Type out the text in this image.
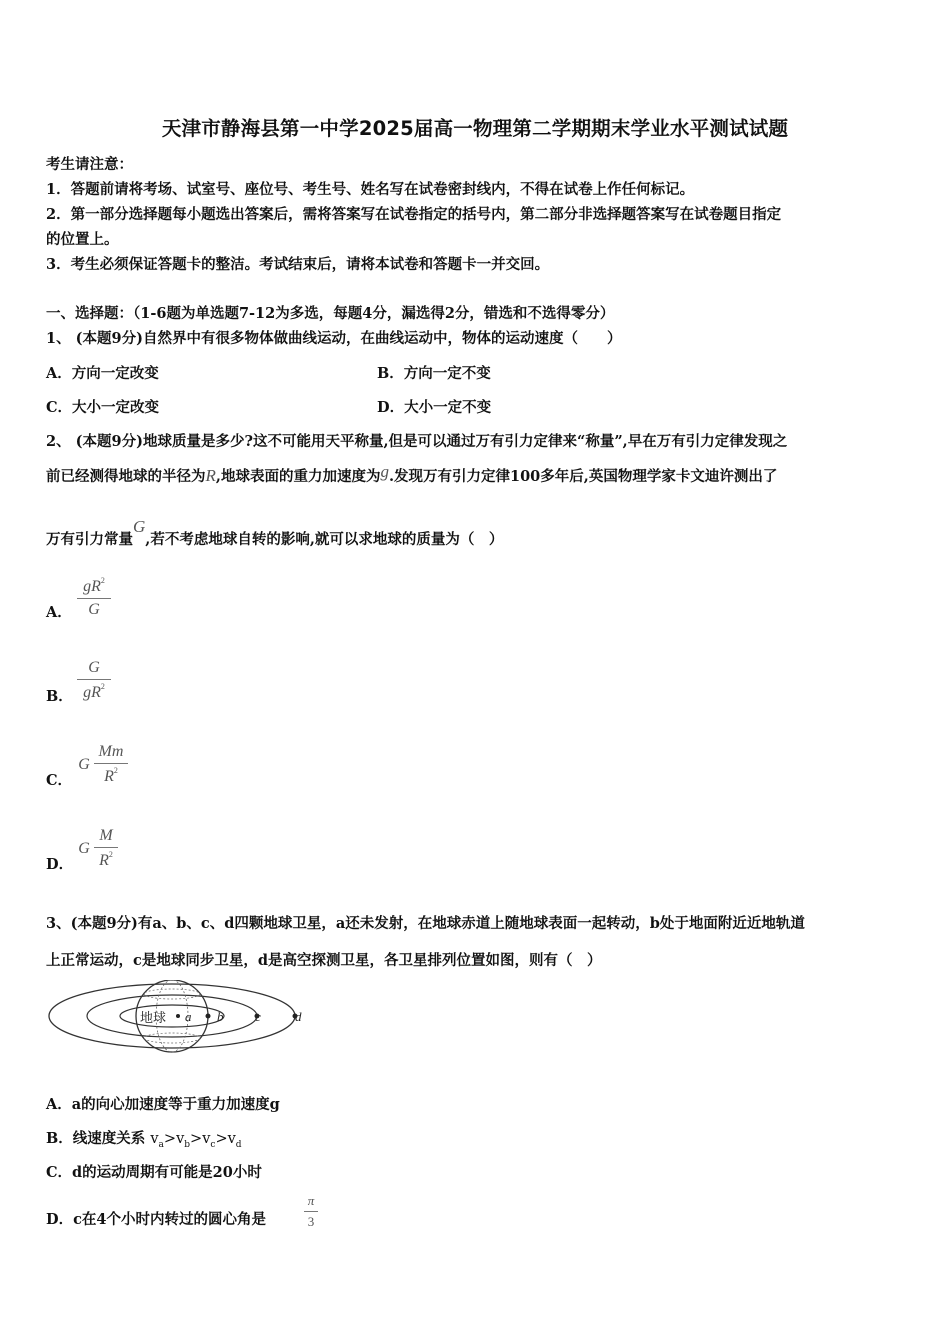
天津市静海县第一中学2025届高一物理第二学期期末学业水平测试试题
考生请注意：
1．答题前请将考场、试室号、座位号、考生号、姓名写在试卷密封线内，不得在试卷上作任何标记。
2．第一部分选择题每小题选出答案后，需将答案写在试卷指定的括号内，第二部分非选择题答案写在试卷题目指定
的位置上。
3．考生必须保证答题卡的整洁。考试结束后，请将本试卷和答题卡一并交回。
一、选择题：（1-6题为单选题7-12为多选，每题4分，漏选得2分，错选和不选得零分）
1、 (本题9分)自然界中有很多物体做曲线运动，在曲线运动中，物体的运动速度（　　）
A．方向一定改变	B．方向一定不变
C．大小一定改变	D．大小一定不变
2、 (本题9分)地球质量是多少?这不可能用天平称量,但是可以通过万有引力定律来“称量”,早在万有引力定律发现之
前已经测得地球的半径为R,地球表面的重力加速度为g.发现万有引力定律100多年后,英国物理学家卡文迪许测出了
万有引力常量G,若不考虑地球自转的影响,就可以求地球的质量为（　）
A．
$gR^2$
G
B．
G
$gR^2$
C．
G
Mm
$R^2$
D．
G
M
$R^2$
3、(本题9分)有a、b、c、d四颗地球卫星，a还未发射，在地球赤道上随地球表面一起转动，b处于地面附近近地轨道
上正常运动，c是地球同步卫星，d是高空探测卫星，各卫星排列位置如图，则有（　）
地球 a b c	d
A．a的向心加速度等于重力加速度g
B．线速度关系 $v_a>v_b>v_c>v_d$
C．d的运动周期有可能是20小时
D．c在4个小时内转过的圆心角是
π
3
